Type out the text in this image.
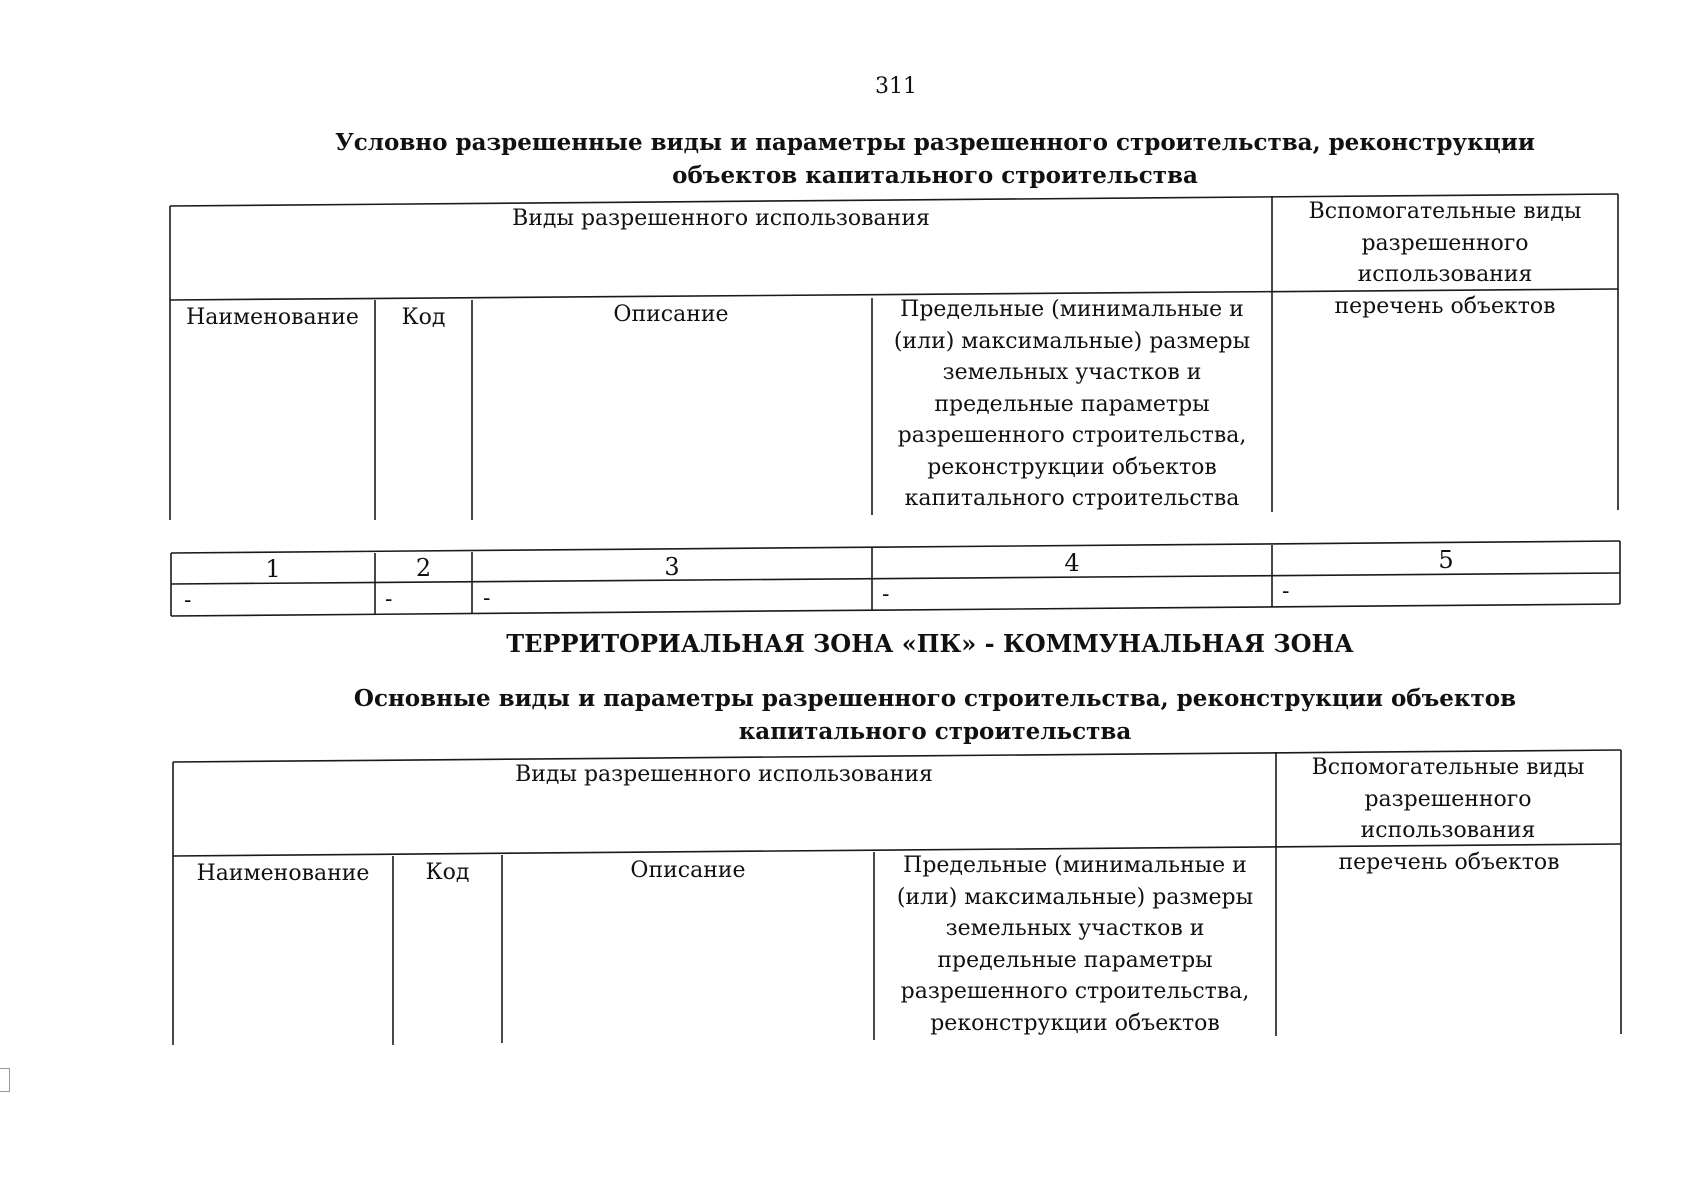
311
Условно разрешенные виды и параметры разрешенного строительства, реконструкции объектов капитального строительства
Виды разрешенного использования	Вспомогательные виды разрешенного использования
Наименование	Код	Описание	Предельные (минимальные и (или) максимальные) размеры земельных участков и предельные параметры разрешенного строительства, реконструкции объектов капитального строительства
перечень объектов
1	2	3	4	5
-	-	-	-	-
ТЕРРИТОРИАЛЬНАЯ ЗОНА «ПК» - КОММУНАЛЬНАЯ ЗОНА
Основные виды и параметры разрешенного строительства, реконструкции объектов капитального строительства
Виды разрешенного использования	Вспомогательные виды разрешенного использования
Наименование	Код	Описание	Предельные (минимальные и (или) максимальные) размеры земельных участков и предельные параметры разрешенного строительства, реконструкции объектов
перечень объектов
